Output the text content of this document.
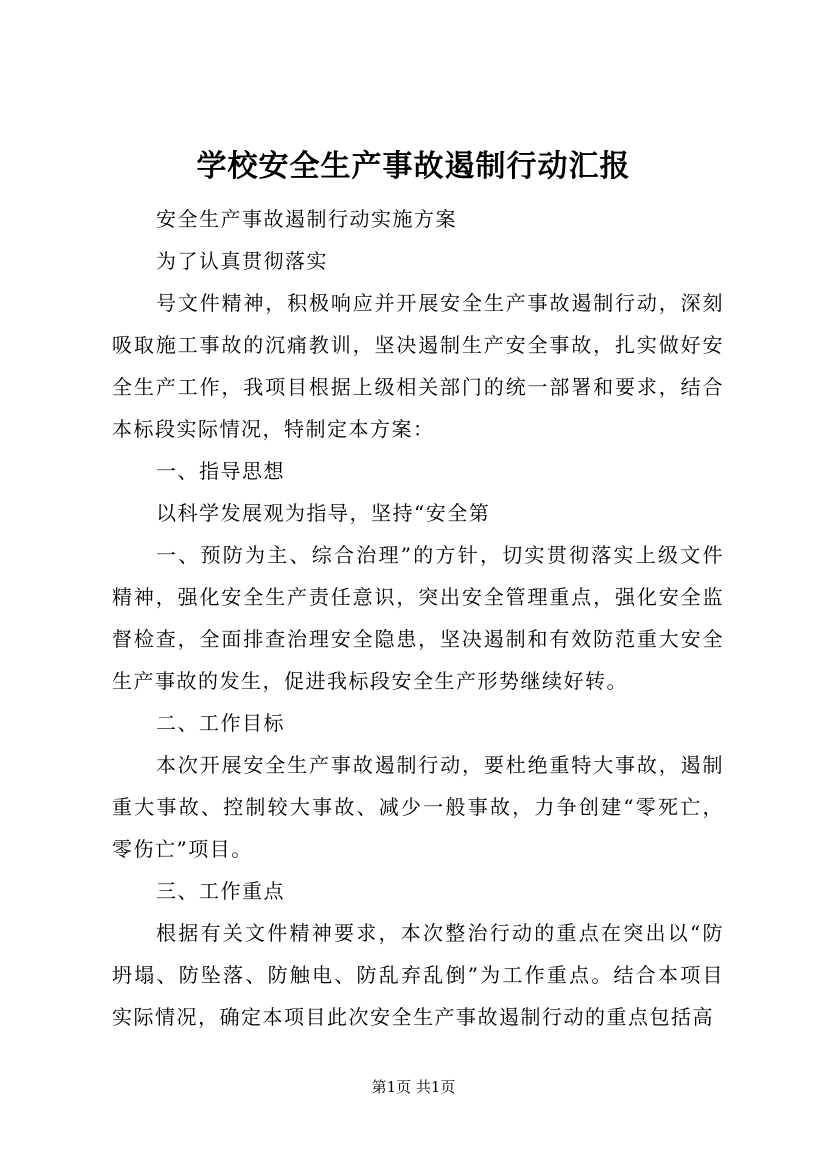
学校安全生产事故遏制行动汇报

安全生产事故遏制行动实施方案

为了认真贯彻落实

号文件精神，积极响应并开展安全生产事故遏制行动，深刻吸取施工事故的沉痛教训，坚决遏制生产安全事故，扎实做好安全生产工作，我项目根据上级相关部门的统一部署和要求，结合本标段实际情况，特制定本方案：

一、指导思想

以科学发展观为指导，坚持“安全第

一、预防为主、综合治理”的方针，切实贯彻落实上级文件精神，强化安全生产责任意识，突出安全管理重点，强化安全监督检查，全面排查治理安全隐患，坚决遏制和有效防范重大安全生产事故的发生，促进我标段安全生产形势继续好转。

二、工作目标

本次开展安全生产事故遏制行动，要杜绝重特大事故，遏制重大事故、控制较大事故、减少一般事故，力争创建“零死亡，零伤亡”项目。

三、工作重点

根据有关文件精神要求，本次整治行动的重点在突出以“防坍塌、防坠落、防触电、防乱弃乱倒”为工作重点。结合本项目实际情况，确定本项目此次安全生产事故遏制行动的重点包括高

第1页 共1页
